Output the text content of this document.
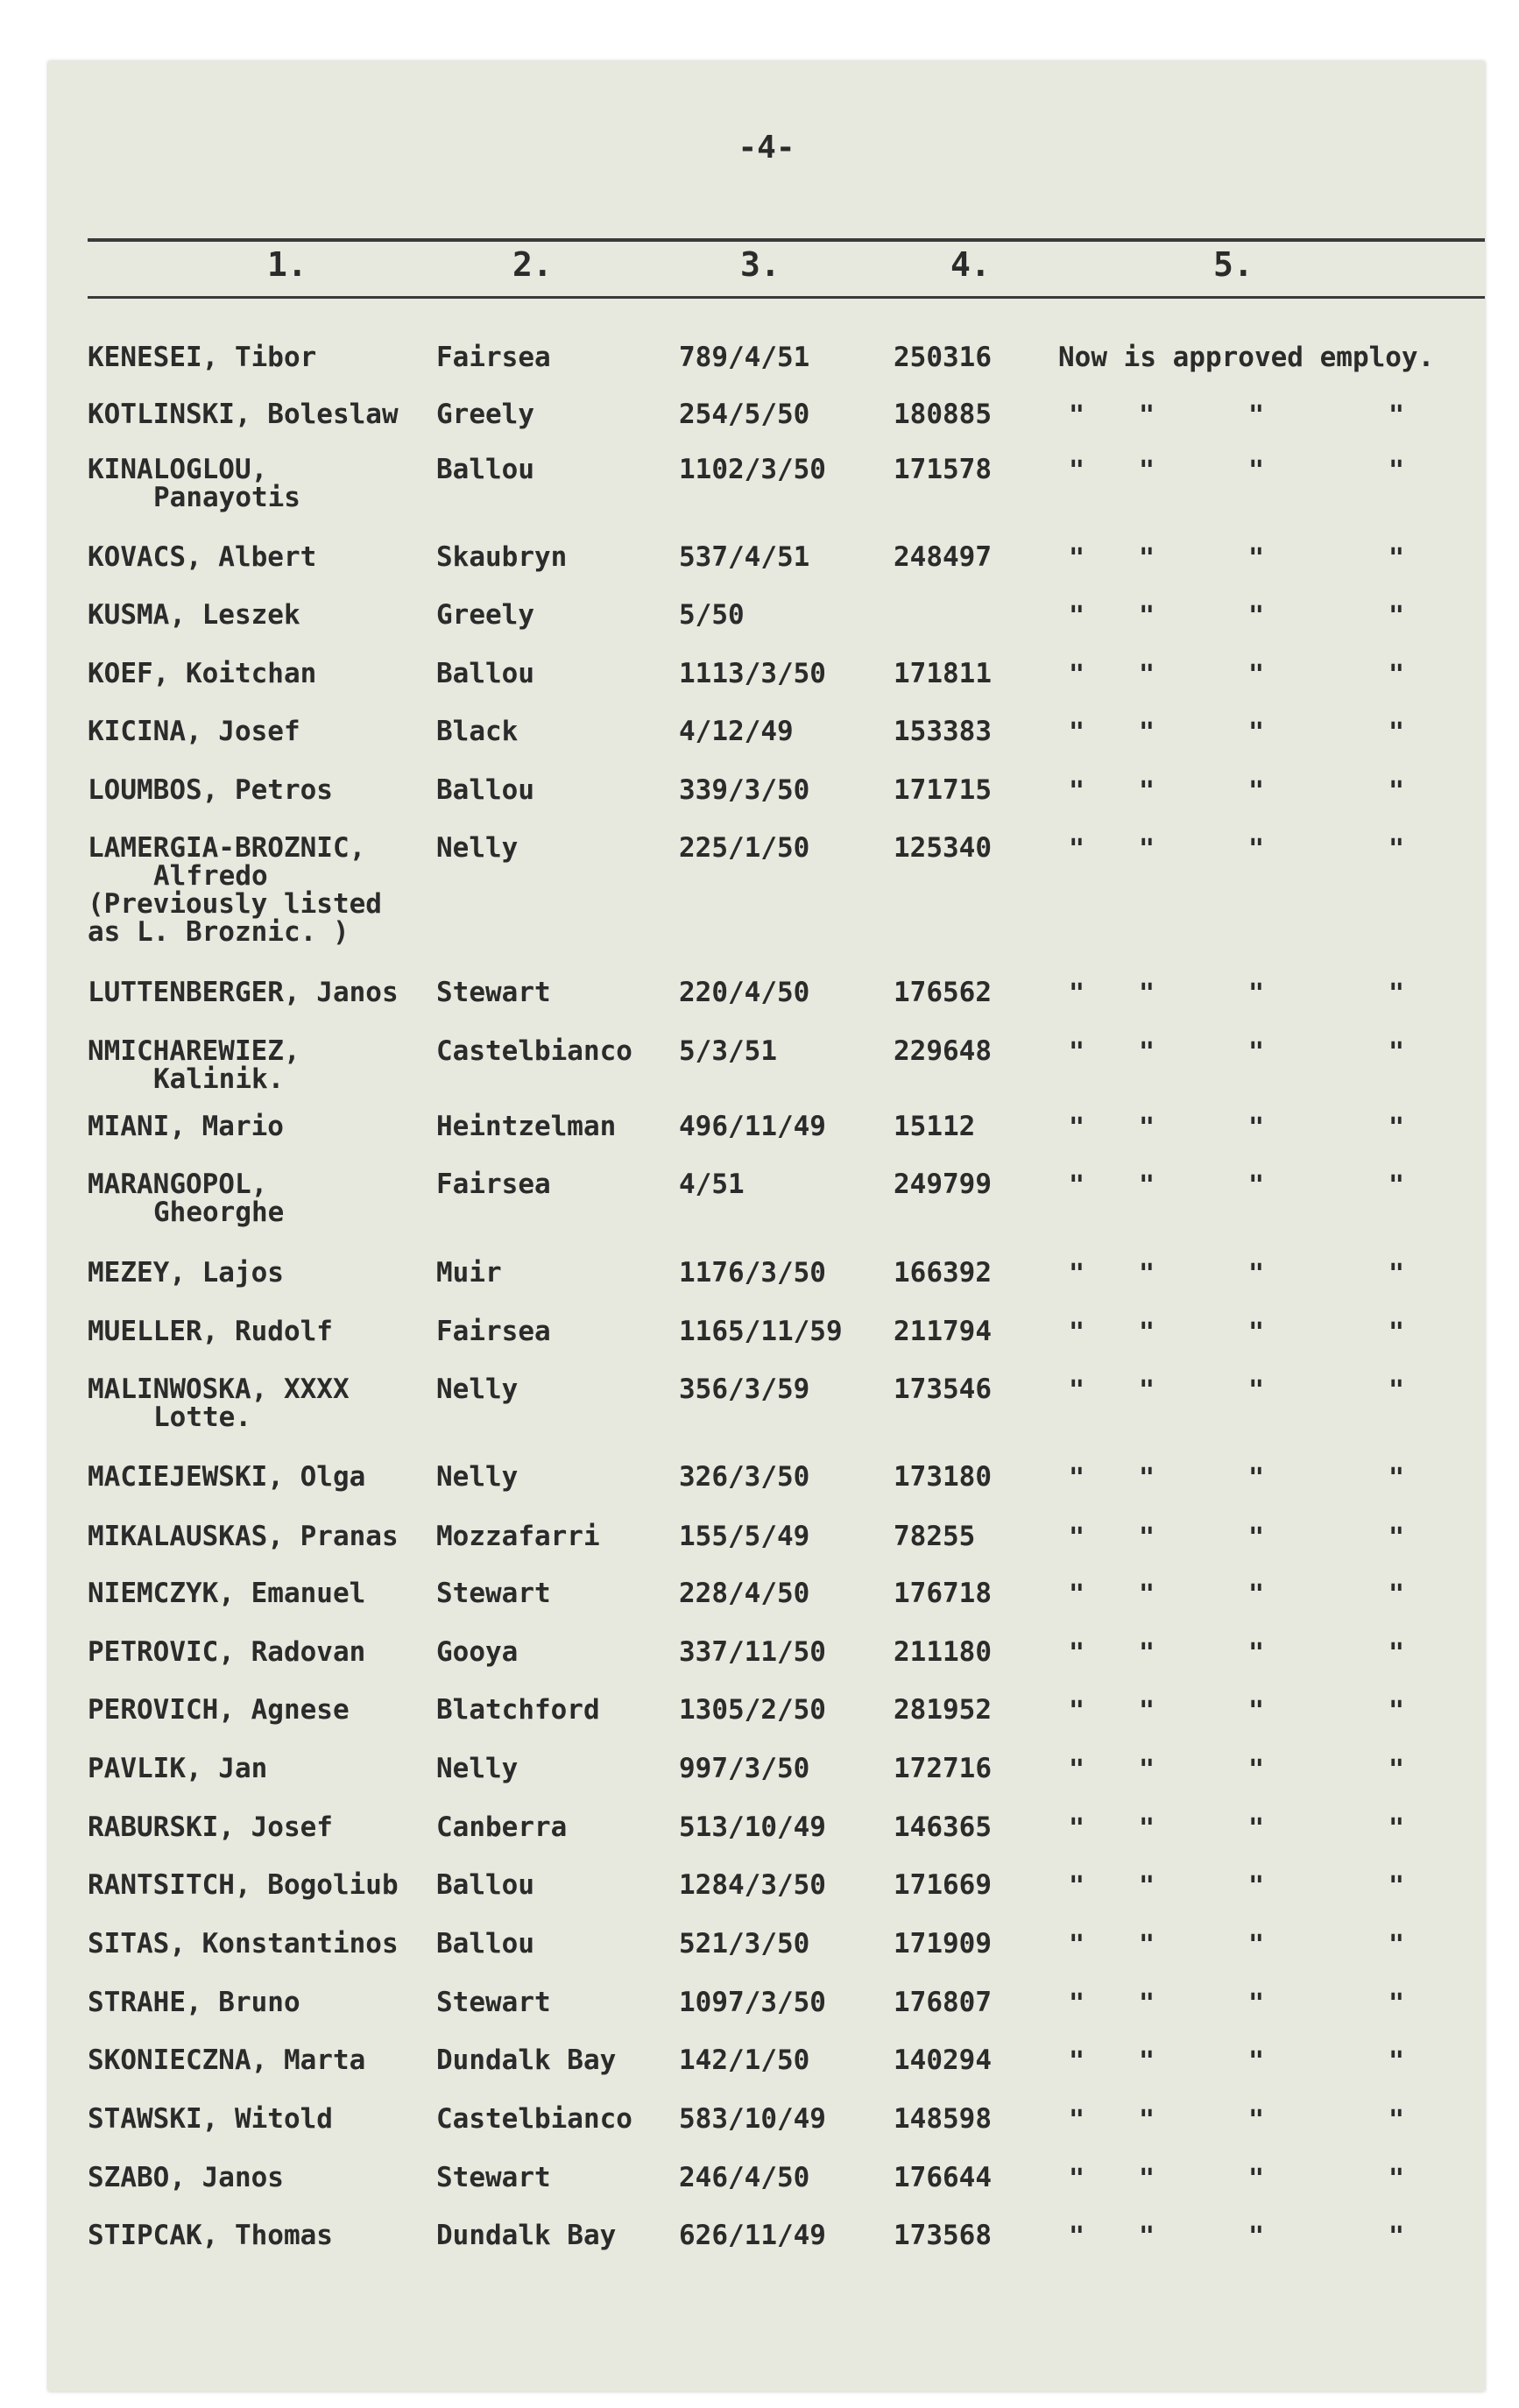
-4-
1.	2.	3.	4.	5.
KENESEI, Tibor	Fairsea	789/4/51	250316 Now is approved employ.
KOTLINSKI, Boleslaw Greely	254/5/50	180885	" "	"	"
KINALOGLOU,
Panayotis
Ballou	1102/3/50 171578	" "	"	"
KOVACS, Albert	Skaubryn	537/4/51	248497	" "	"	"
KUSMA, Leszek	Greely	5/50	" "	"	"
KOEF, Koitchan	Ballou	1113/3/50 171811	" "	"	"
KICINA, Josef	Black	4/12/49	153383	" "	"	"
LOUMBOS, Petros	Ballou	339/3/50	171715	" "	"	"
LAMERGIA-BROZNIC,
Alfredo
(Previously listed
as L. Broznic. )
Nelly	225/1/50	125340	" "	"	"
LUTTENBERGER, Janos Stewart	220/4/50	176562	" "	"	"
NMICHAREWIEZ,
Kalinik.
Castelbianco 5/3/51	229648	" "	"	"
MIANI, Mario	Heintzelman 496/11/49 15112	" "	"	"
MARANGOPOL,
Gheorghe
Fairsea	4/51	249799	" "	"	"
MEZEY, Lajos	Muir	1176/3/50 166392	" "	"	"
MUELLER, Rudolf	Fairsea	1165/11/59 211794	" "	"	"
MALINWOSKA, XXXX
Lotte.
Nelly	356/3/59	173546	" "	"	"
MACIEJEWSKI, Olga	Nelly	326/3/50	173180	" "	"	"
MIKALAUSKAS, Pranas Mozzafarri	155/5/49	78255	" "	"	"
NIEMCZYK, Emanuel	Stewart	228/4/50	176718	" "	"	"
PETROVIC, Radovan	Gooya	337/11/50 211180	" "	"	"
PEROVICH, Agnese	Blatchford	1305/2/50 281952	" "	"	"
PAVLIK, Jan	Nelly	997/3/50	172716	" "	"	"
RABURSKI, Josef	Canberra	513/10/49 146365	" "	"	"
RANTSITCH, Bogoliub Ballou	1284/3/50 171669	" "	"	"
SITAS, Konstantinos Ballou	521/3/50	171909	" "	"	"
STRAHE, Bruno	Stewart	1097/3/50 176807	" "	"	"
SKONIECZNA, Marta	Dundalk Bay 142/1/50	140294	" "	"	"
STAWSKI, Witold	Castelbianco 583/10/49 148598	" "	"	"
SZABO, Janos	Stewart	246/4/50	176644	" "	"	"
STIPCAK, Thomas	Dundalk Bay 626/11/49 173568	" "	"	"
